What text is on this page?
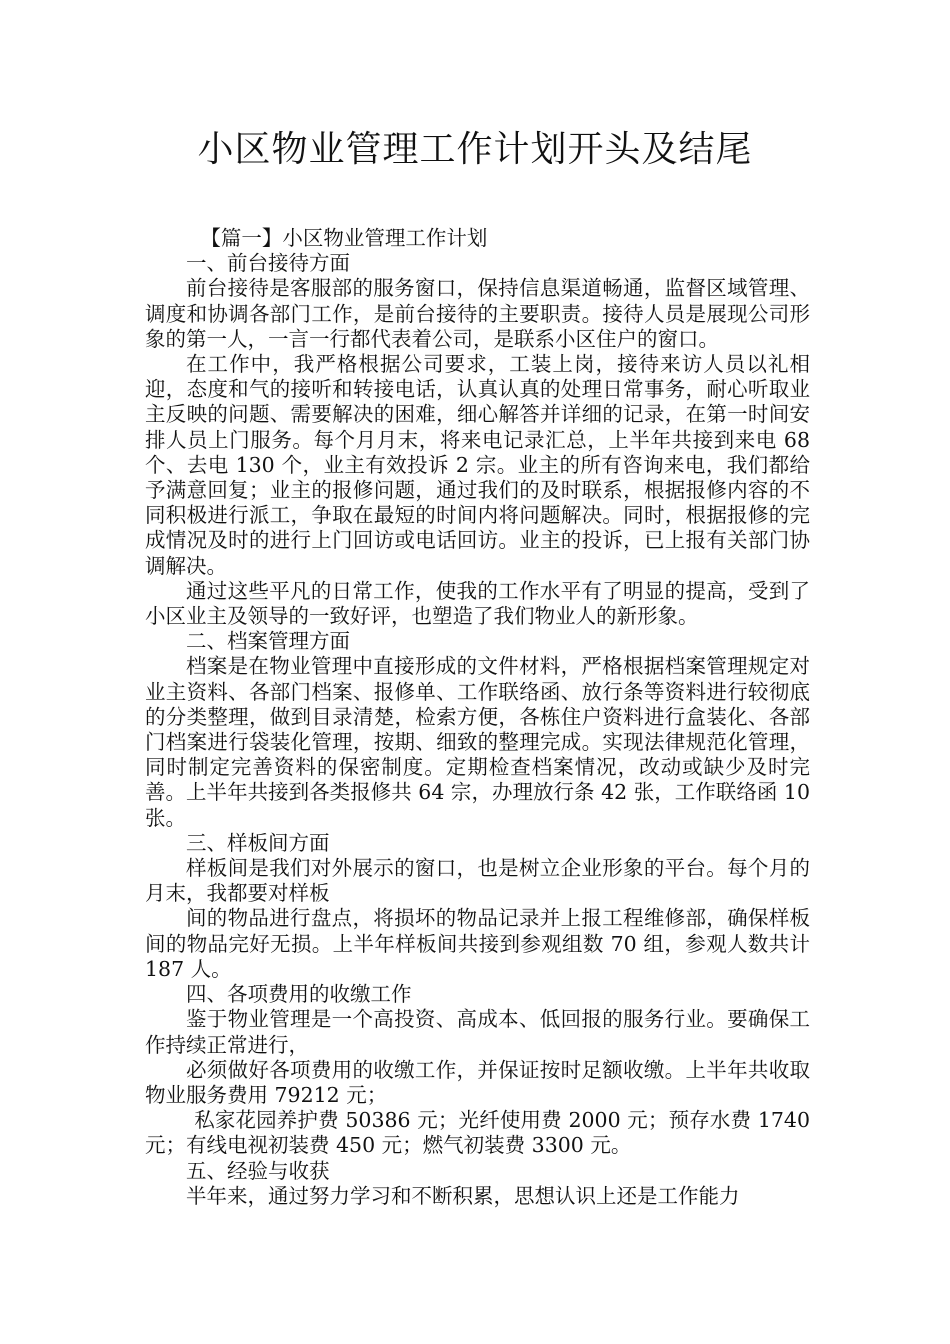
小区物业管理工作计划开头及结尾

【篇一】小区物业管理工作计划

一、前台接待方面

前台接待是客服部的服务窗口，保持信息渠道畅通，监督区域管理、调度和协调各部门工作，是前台接待的主要职责。接待人员是展现公司形象的第一人，一言一行都代表着公司，是联系小区住户的窗口。

在工作中，我严格根据公司要求，工装上岗，接待来访人员以礼相迎，态度和气的接听和转接电话，认真认真的处理日常事务，耐心听取业主反映的问题、需要解决的困难，细心解答并详细的记录，在第一时间安排人员上门服务。每个月月末，将来电记录汇总，上半年共接到来电 68 个、去电 130 个，业主有效投诉 2 宗。业主的所有咨询来电，我们都给予满意回复；业主的报修问题，通过我们的及时联系，根据报修内容的不同积极进行派工，争取在最短的时间内将问题解决。同时，根据报修的完成情况及时的进行上门回访或电话回访。业主的投诉，已上报有关部门协调解决。

通过这些平凡的日常工作，使我的工作水平有了明显的提高，受到了小区业主及领导的一致好评，也塑造了我们物业人的新形象。

二、档案管理方面

档案是在物业管理中直接形成的文件材料，严格根据档案管理规定对业主资料、各部门档案、报修单、工作联络函、放行条等资料进行较彻底的分类整理，做到目录清楚，检索方便，各栋住户资料进行盒装化、各部门档案进行袋装化管理，按期、细致的整理完成。实现法律规范化管理，同时制定完善资料的保密制度。定期检查档案情况，改动或缺少及时完善。上半年共接到各类报修共 64 宗，办理放行条 42 张，工作联络函 10 张。

三、样板间方面

样板间是我们对外展示的窗口，也是树立企业形象的平台。每个月的月末，我都要对样板

间的物品进行盘点，将损坏的物品记录并上报工程维修部，确保样板间的物品完好无损。上半年样板间共接到参观组数 70 组，参观人数共计 187 人。

四、各项费用的收缴工作

鉴于物业管理是一个高投资、高成本、低回报的服务行业。要确保工作持续正常进行，

必须做好各项费用的收缴工作，并保证按时足额收缴。上半年共收取物业服务费用 79212 元；

私家花园养护费 50386 元；光纤使用费 2000 元；预存水费 1740 元；有线电视初装费 450 元；燃气初装费 3300 元。

五、经验与收获

半年来，通过努力学习和不断积累，思想认识上还是工作能力
